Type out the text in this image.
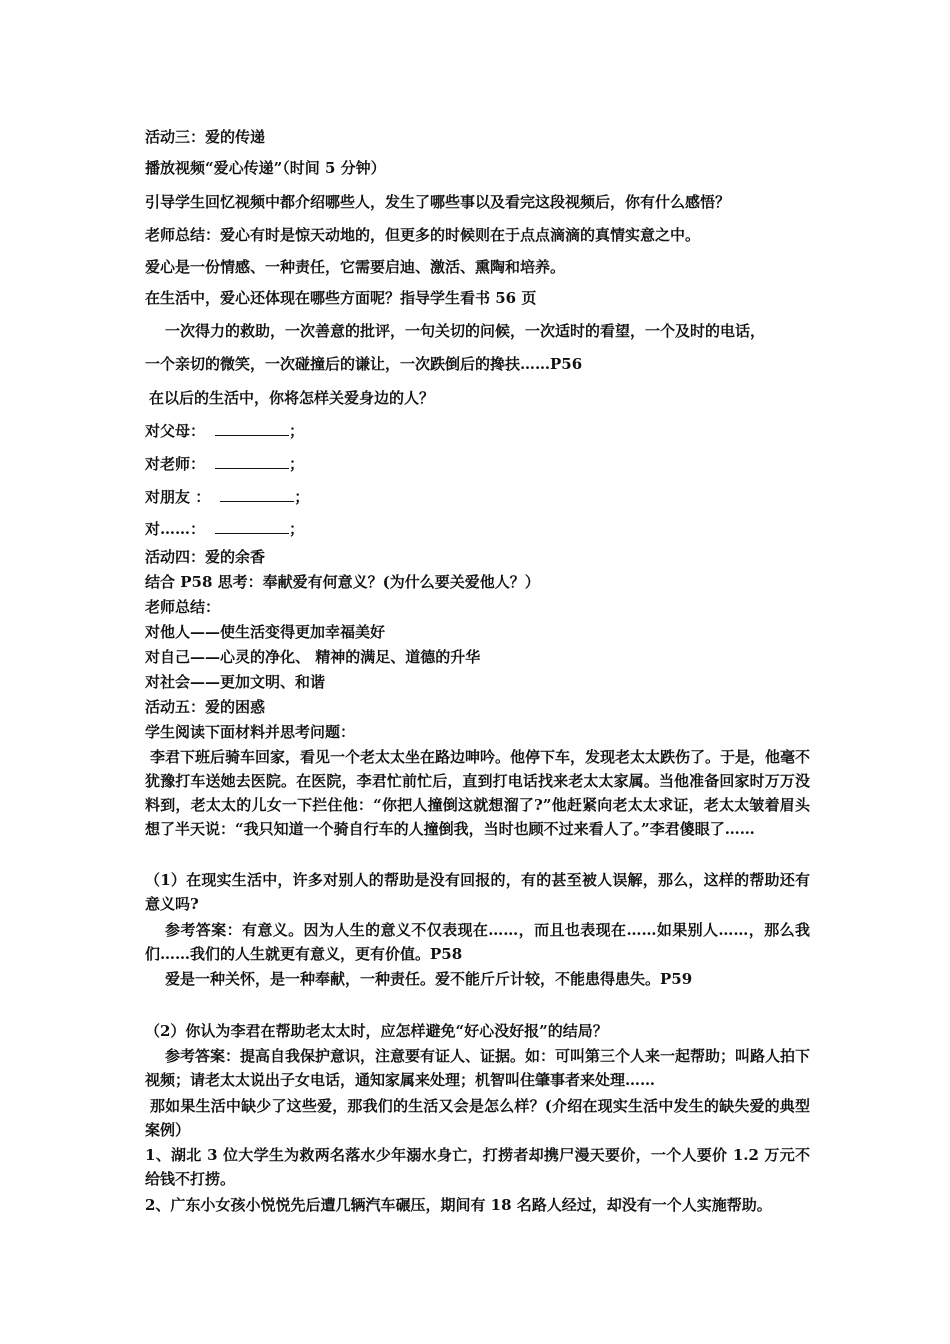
活动三：爱的传递
播放视频“爱心传递”（时间 5 分钟）
引导学生回忆视频中都介绍哪些人，发生了哪些事以及看完这段视频后，你有什么感悟？
老师总结：爱心有时是惊天动地的，但更多的时候则在于点点滴滴的真情实意之中。
爱心是一份情感、一种责任，它需要启迪、激活、熏陶和培养。
在生活中，爱心还体现在哪些方面呢？指导学生看书 56 页
一次得力的救助，一次善意的批评，一句关切的问候，一次适时的看望，一个及时的电话，
一个亲切的微笑，一次碰撞后的谦让，一次跌倒后的搀扶……P56
在以后的生活中，你将怎样关爱身边的人？
对父母：	；
对老师：	；
对朋友 ：	；
对……：	；
活动四：爱的余香
结合 P58 思考：奉献爱有何意义？(为什么要关爱他人？）
老师总结：
对他人——使生活变得更加幸福美好
对自己——心灵的净化、 精神的满足、道德的升华
对社会——更加文明、和谐
活动五：爱的困惑
学生阅读下面材料并思考问题：
李君下班后骑车回家，看见一个老太太坐在路边呻吟。他停下车，发现老太太跌伤了。于是，他毫不犹豫打车送她去医院。在医院，李君忙前忙后，直到打电话找来老太太家属。当他准备回家时万万没料到，老太太的儿女一下拦住他：“你把人撞倒这就想溜了?”他赶紧向老太太求证，老太太皱着眉头想了半天说：“我只知道一个骑自行车的人撞倒我，当时也顾不过来看人了。”李君傻眼了……
（1）在现实生活中，许多对别人的帮助是没有回报的，有的甚至被人误解，那么，这样的帮助还有意义吗?
参考答案：有意义。因为人生的意义不仅表现在……，而且也表现在……如果别人……，那么我们……我们的人生就更有意义，更有价值。P58
爱是一种关怀，是一种奉献，一种责任。爱不能斤斤计较，不能患得患失。P59
（2）你认为李君在帮助老太太时，应怎样避免“好心没好报”的结局？
参考答案：提高自我保护意识，注意要有证人、证据。如：可叫第三个人来一起帮助；叫路人拍下视频；请老太太说出子女电话，通知家属来处理；机智叫住肇事者来处理……
那如果生活中缺少了这些爱，那我们的生活又会是怎么样？(介绍在现实生活中发生的缺失爱的典型案例）
1、湖北 3 位大学生为救两名落水少年溺水身亡，打捞者却携尸漫天要价，一个人要价 1.2 万元不给钱不打捞。
2、广东小女孩小悦悦先后遭几辆汽车碾压，期间有 18 名路人经过，却没有一个人实施帮助。
